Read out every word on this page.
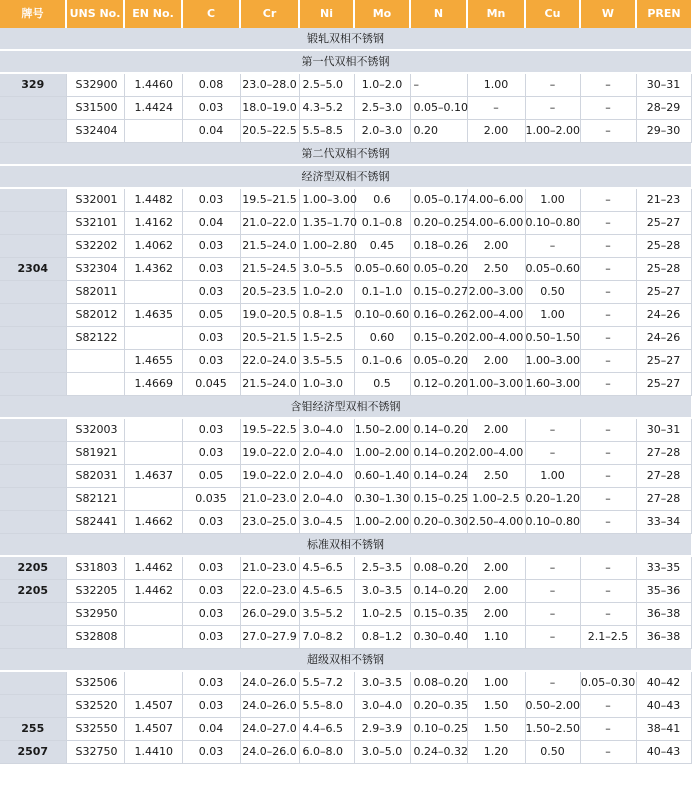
牌号	UNS No.	EN No.	C	Cr	Ni	Mo	N	Mn	Cu	W	PREN
锻轧双相不锈钢											
第一代双相不锈钢											
329	S32900	1.4460	0.08	23.0–28.0	2.5–5.0	1.0–2.0	–	1.00	–	–	30–31
	S31500	1.4424	0.03	18.0–19.0	4.3–5.2	2.5–3.0	0.05–0.10	–	–	–	28–29
	S32404		0.04	20.5–22.5	5.5–8.5	2.0–3.0	0.20	2.00	1.00–2.00	–	29–30
第二代双相不锈钢											
经济型双相不锈钢											
	S32001	1.4482	0.03	19.5–21.5	1.00–3.00	0.6	0.05–0.17	4.00–6.00	1.00	–	21–23
	S32101	1.4162	0.04	21.0–22.0	1.35–1.70	0.1–0.8	0.20–0.25	4.00–6.00	0.10–0.80	–	25–27
	S32202	1.4062	0.03	21.5–24.0	1.00–2.80	0.45	0.18–0.26	2.00	–	–	25–28
2304	S32304	1.4362	0.03	21.5–24.5	3.0–5.5	0.05–0.60	0.05–0.20	2.50	0.05–0.60	–	25–28
	S82011		0.03	20.5–23.5	1.0–2.0	0.1–1.0	0.15–0.27	2.00–3.00	0.50	–	25–27
	S82012	1.4635	0.05	19.0–20.5	0.8–1.5	0.10–0.60	0.16–0.26	2.00–4.00	1.00	–	24–26
	S82122		0.03	20.5–21.5	1.5–2.5	0.60	0.15–0.20	2.00–4.00	0.50–1.50	–	24–26
		1.4655	0.03	22.0–24.0	3.5–5.5	0.1–0.6	0.05–0.20	2.00	1.00–3.00	–	25–27
		1.4669	0.045	21.5–24.0	1.0–3.0	0.5	0.12–0.20	1.00–3.00	1.60–3.00	–	25–27
含钼经济型双相不锈钢											
	S32003		0.03	19.5–22.5	3.0–4.0	1.50–2.00	0.14–0.20	2.00	–	–	30–31
	S81921		0.03	19.0–22.0	2.0–4.0	1.00–2.00	0.14–0.20	2.00–4.00	–	–	27–28
	S82031	1.4637	0.05	19.0–22.0	2.0–4.0	0.60–1.40	0.14–0.24	2.50	1.00	–	27–28
	S82121		0.035	21.0–23.0	2.0–4.0	0.30–1.30	0.15–0.25	1.00–2.5	0.20–1.20	–	27–28
	S82441	1.4662	0.03	23.0–25.0	3.0–4.5	1.00–2.00	0.20–0.30	2.50–4.00	0.10–0.80	–	33–34
标准双相不锈钢											
2205	S31803	1.4462	0.03	21.0–23.0	4.5–6.5	2.5–3.5	0.08–0.20	2.00	–	–	33–35
2205	S32205	1.4462	0.03	22.0–23.0	4.5–6.5	3.0–3.5	0.14–0.20	2.00	–	–	35–36
	S32950		0.03	26.0–29.0	3.5–5.2	1.0–2.5	0.15–0.35	2.00	–	–	36–38
	S32808		0.03	27.0–27.9	7.0–8.2	0.8–1.2	0.30–0.40	1.10	–	2.1–2.5	36–38
超级双相不锈钢											
	S32506		0.03	24.0–26.0	5.5–7.2	3.0–3.5	0.08–0.20	1.00	–	0.05–0.30	40–42
	S32520	1.4507	0.03	24.0–26.0	5.5–8.0	3.0–4.0	0.20–0.35	1.50	0.50–2.00	–	40–43
255	S32550	1.4507	0.04	24.0–27.0	4.4–6.5	2.9–3.9	0.10–0.25	1.50	1.50–2.50	–	38–41
2507	S32750	1.4410	0.03	24.0–26.0	6.0–8.0	3.0–5.0	0.24–0.32	1.20	0.50	–	40–43
